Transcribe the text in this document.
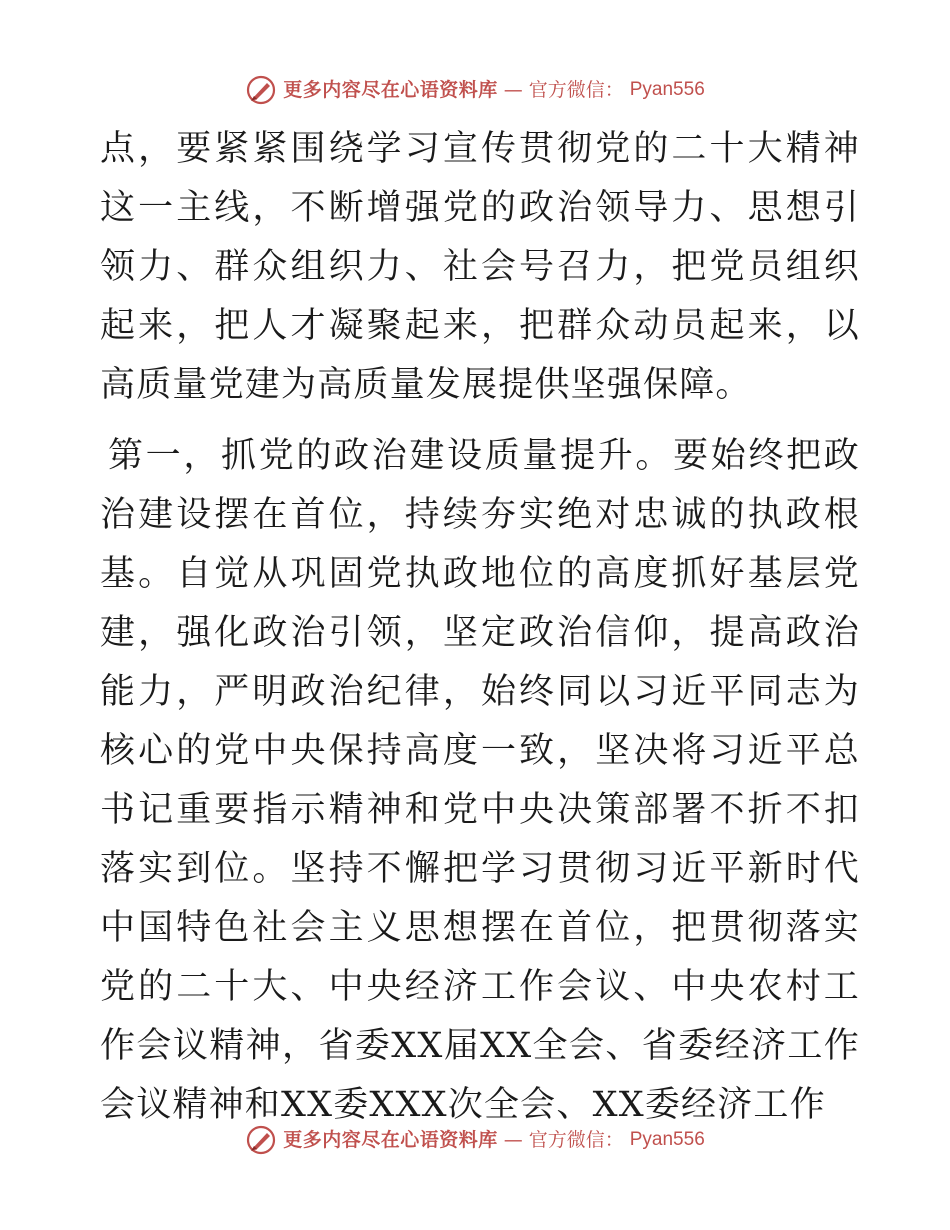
更多内容尽在心语资料库 — 官方微信： Pyan556

点，要紧紧围绕学习宣传贯彻党的二十大精神这一主线，不断增强党的政治领导力、思想引领力、群众组织力、社会号召力，把党员组织起来，把人才凝聚起来，把群众动员起来，以高质量党建为高质量发展提供坚强保障。

第一，抓党的政治建设质量提升。要始终把政治建设摆在首位，持续夯实绝对忠诚的执政根基。自觉从巩固党执政地位的高度抓好基层党建，强化政治引领，坚定政治信仰，提高政治能力，严明政治纪律，始终同以习近平同志为核心的党中央保持高度一致，坚决将习近平总书记重要指示精神和党中央决策部署不折不扣落实到位。坚持不懈把学习贯彻习近平新时代中国特色社会主义思想摆在首位，把贯彻落实党的二十大、中央经济工作会议、中央农村工作会议精神，省委XX届XX全会、省委经济工作会议精神和XX委XXX次全会、XX委经济工作

更多内容尽在心语资料库 — 官方微信： Pyan556
